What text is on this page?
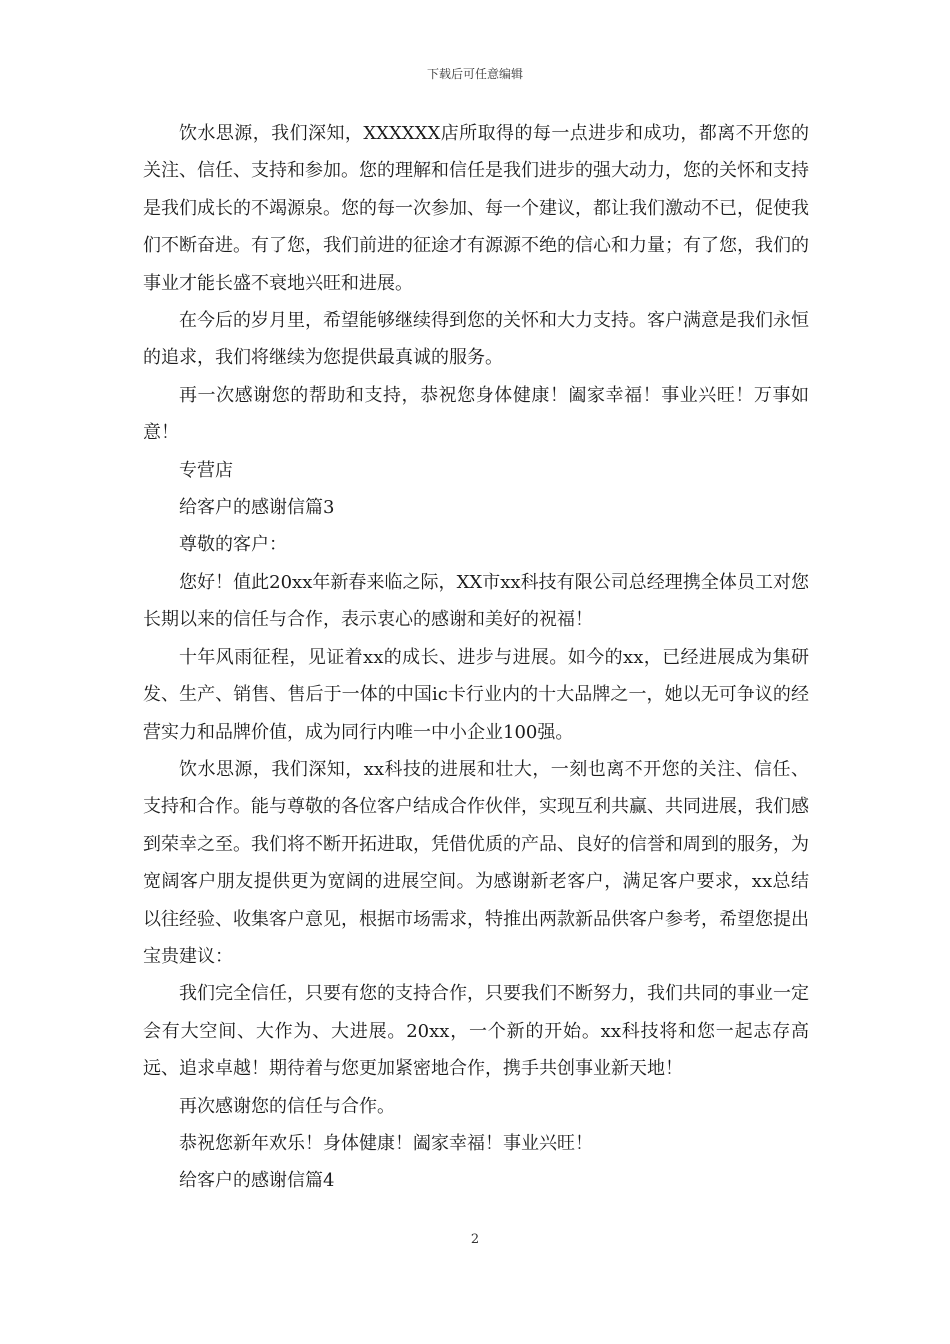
下载后可任意编辑

饮水思源，我们深知，XXXXXX店所取得的每一点进步和成功，都离不开您的关注、信任、支持和参加。您的理解和信任是我们进步的强大动力，您的关怀和支持是我们成长的不竭源泉。您的每一次参加、每一个建议，都让我们激动不已，促使我们不断奋进。有了您，我们前进的征途才有源源不绝的信心和力量；有了您，我们的事业才能长盛不衰地兴旺和进展。

在今后的岁月里，希望能够继续得到您的关怀和大力支持。客户满意是我们永恒的追求，我们将继续为您提供最真诚的服务。

再一次感谢您的帮助和支持，恭祝您身体健康！阖家幸福！事业兴旺！万事如意！

专营店

给客户的感谢信篇3

尊敬的客户：

您好！值此20xx年新春来临之际，XX市xx科技有限公司总经理携全体员工对您长期以来的信任与合作，表示衷心的感谢和美好的祝福！

十年风雨征程，见证着xx的成长、进步与进展。如今的xx，已经进展成为集研发、生产、销售、售后于一体的中国ic卡行业内的十大品牌之一，她以无可争议的经营实力和品牌价值，成为同行内唯一中小企业100强。

饮水思源，我们深知，xx科技的进展和壮大，一刻也离不开您的关注、信任、支持和合作。能与尊敬的各位客户结成合作伙伴，实现互利共赢、共同进展，我们感到荣幸之至。我们将不断开拓进取，凭借优质的产品、良好的信誉和周到的服务，为宽阔客户朋友提供更为宽阔的进展空间。为感谢新老客户，满足客户要求，xx总结以往经验、收集客户意见，根据市场需求，特推出两款新品供客户参考，希望您提出宝贵建议：

我们完全信任，只要有您的支持合作，只要我们不断努力，我们共同的事业一定会有大空间、大作为、大进展。20xx，一个新的开始。xx科技将和您一起志存高远、追求卓越！期待着与您更加紧密地合作，携手共创事业新天地！

再次感谢您的信任与合作。

恭祝您新年欢乐！身体健康！阖家幸福！事业兴旺！

给客户的感谢信篇4

2
